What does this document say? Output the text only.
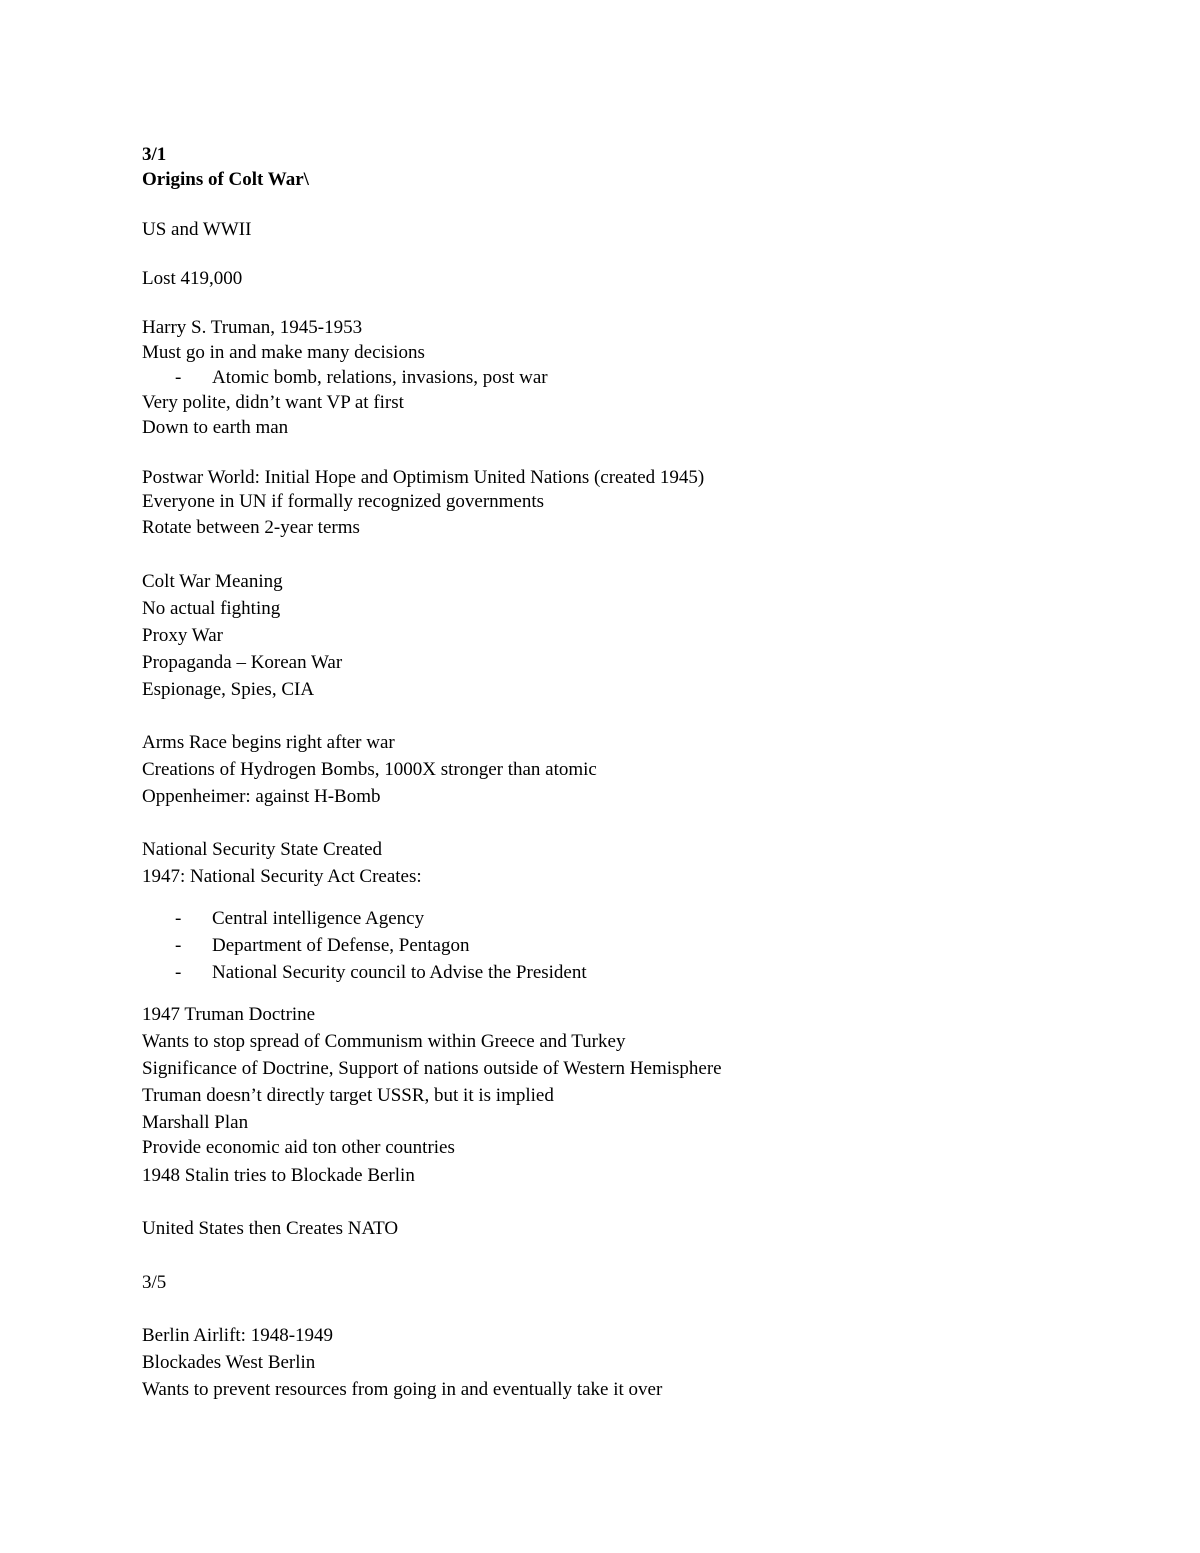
3/1
Origins of Colt War\
US and WWII
Lost 419,000
Harry S. Truman, 1945-1953
Must go in and make many decisions
- Atomic bomb, relations, invasions, post war
Very polite, didn’t want VP at first
Down to earth man
Postwar World: Initial Hope and Optimism United Nations (created 1945)
Everyone in UN if formally recognized governments
Rotate between 2-year terms
Colt War Meaning
No actual fighting
Proxy War
Propaganda – Korean War
Espionage, Spies, CIA
Arms Race begins right after war
Creations of Hydrogen Bombs, 1000X stronger than atomic
Oppenheimer: against H-Bomb
National Security State Created
1947: National Security Act Creates:
- Central intelligence Agency
- Department of Defense, Pentagon
- National Security council to Advise the President
1947 Truman Doctrine
Wants to stop spread of Communism within Greece and Turkey
Significance of Doctrine, Support of nations outside of Western Hemisphere
Truman doesn’t directly target USSR, but it is implied
Marshall Plan
Provide economic aid ton other countries
1948 Stalin tries to Blockade Berlin
United States then Creates NATO
3/5
Berlin Airlift: 1948-1949
Blockades West Berlin
Wants to prevent resources from going in and eventually take it over
